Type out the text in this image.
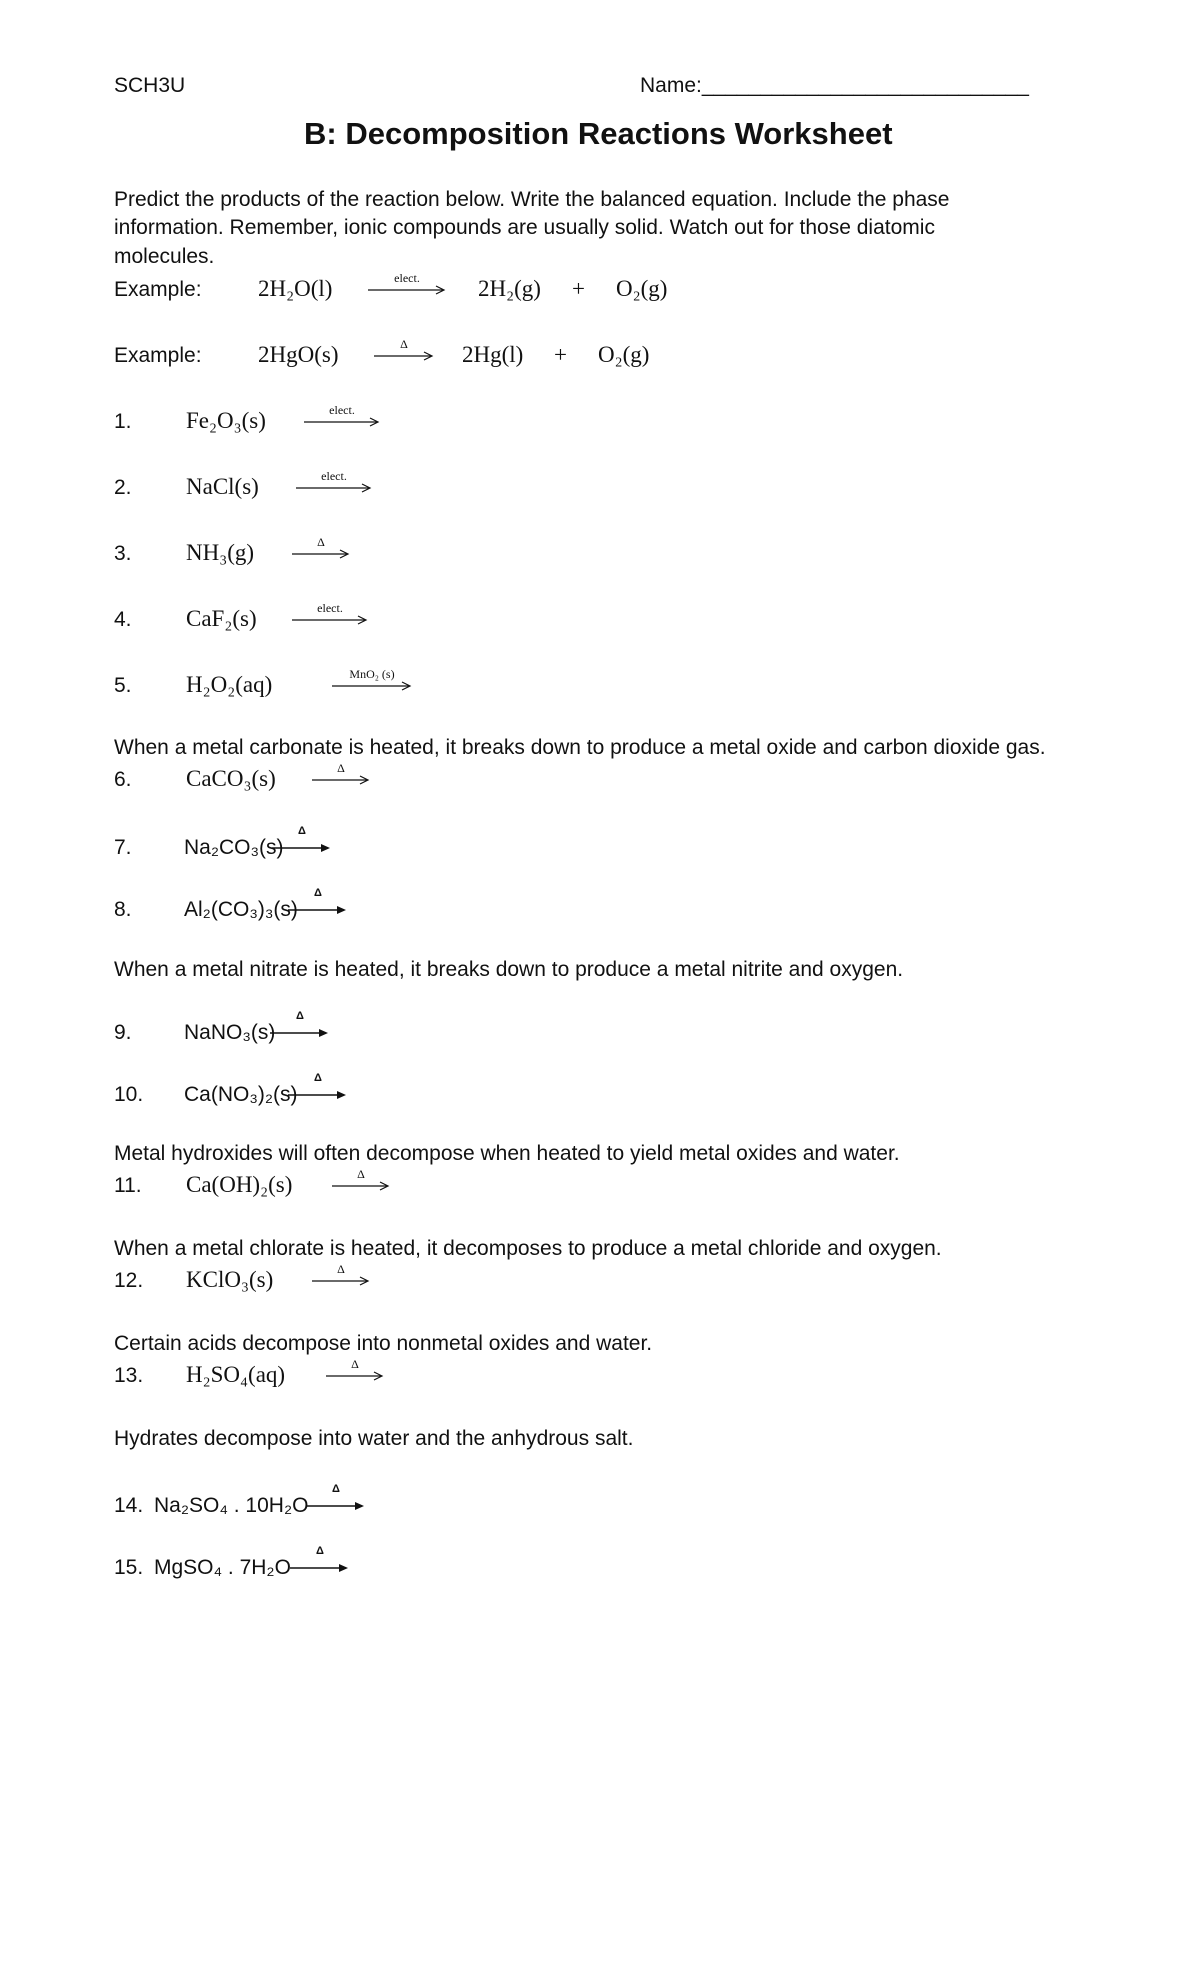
SCH3U	Name:____________________________
B: Decomposition Reactions Worksheet
Predict the products of the reaction below. Write the balanced equation. Include the phase
information. Remember, ionic compounds are usually solid. Watch out for those diatomic
molecules.
Example: 2H₂O(l)	elect.	2H₂(g) + O₂(g)
Example: 2HgO(s)	Δ	2Hg(l) + O₂(g)
1. Fe₂O₃(s)	elect.
2. NaCl(s)	elect.
3. NH₃(g)	Δ
4. CaF₂(s)	elect.
5. H₂O₂(aq)	MnO₂ (s)
When a metal carbonate is heated, it breaks down to produce a metal oxide and carbon dioxide gas.
6. CaCO₃(s)	Δ
7. Na₂CO₃(s)
Δ
8. Al₂(CO₃)₃(s)
Δ
When a metal nitrate is heated, it breaks down to produce a metal nitrite and oxygen.
9. NaNO₃(s)
Δ
10. Ca(NO₃)₂(s)
Δ
Metal hydroxides will often decompose when heated to yield metal oxides and water.
11. Ca(OH)₂(s)	Δ
When a metal chlorate is heated, it decomposes to produce a metal chloride and oxygen.
12. KClO₃(s)	Δ
Certain acids decompose into nonmetal oxides and water.
13. H₂SO₄(aq)	Δ
Hydrates decompose into water and the anhydrous salt.
14. Na₂SO₄ . 10H₂O
Δ
15. MgSO₄ . 7H₂O
Δ
